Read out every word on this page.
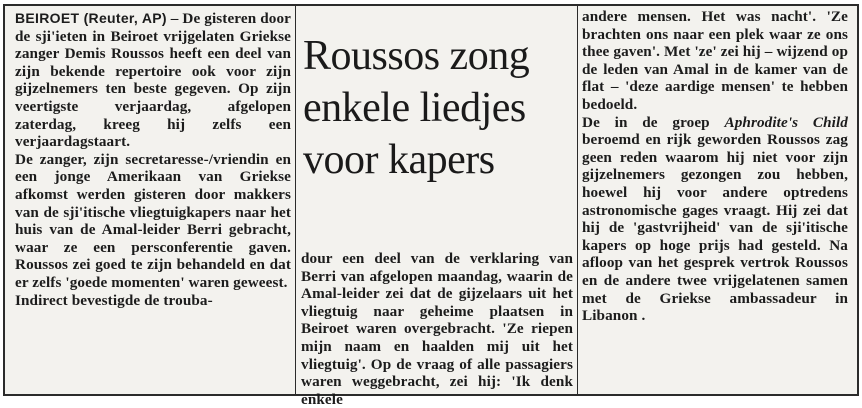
BEIROET (Reuter, AP) – De gisteren door de sji'ieten in Beiroet vrijgelaten Griekse zanger Demis Roussos heeft een deel van zijn bekende repertoire ook voor zijn gijzelnemers ten beste gegeven. Op zijn veertigste verjaardag, afgelopen zaterdag, kreeg hij zelfs een verjaardagstaart.

De zanger, zijn secretaresse-/vriendin en een jonge Amerikaan van Griekse afkomst werden gisteren door makkers van de sji'itische vliegtuigkapers naar het huis van de Amal-leider Berri gebracht, waar ze een persconferentie gaven. Roussos zei goed te zijn behandeld en dat er zelfs 'goede momenten' waren geweest.

Indirect bevestigde de trouba-

Roussos zong
enkele liedjes
voor kapers

dour een deel van de verklaring van Berri van afgelopen maandag, waarin de Amal-leider zei dat de gijzelaars uit het vliegtuig naar geheime plaatsen in Beiroet waren overgebracht. 'Ze riepen mijn naam en haalden mij uit het vliegtuig'. Op de vraag of alle passagiers waren weggebracht, zei hij: 'Ik denk enkele

andere mensen. Het was nacht'. 'Ze brachten ons naar een plek waar ze ons thee gaven'. Met 'ze' zei hij – wijzend op de leden van Amal in de kamer van de flat – 'deze aardige mensen' te hebben bedoeld.

De in de groep Aphrodite's Child beroemd en rijk geworden Roussos zag geen reden waarom hij niet voor zijn gijzelnemers gezongen zou hebben, hoewel hij voor andere optredens astronomische gages vraagt. Hij zei dat hij de 'gastvrijheid' van de sji'itische kapers op hoge prijs had gesteld. Na afloop van het gesprek vertrok Roussos en de andere twee vrijgelatenen samen met de Griekse ambassadeur in Libanon .
